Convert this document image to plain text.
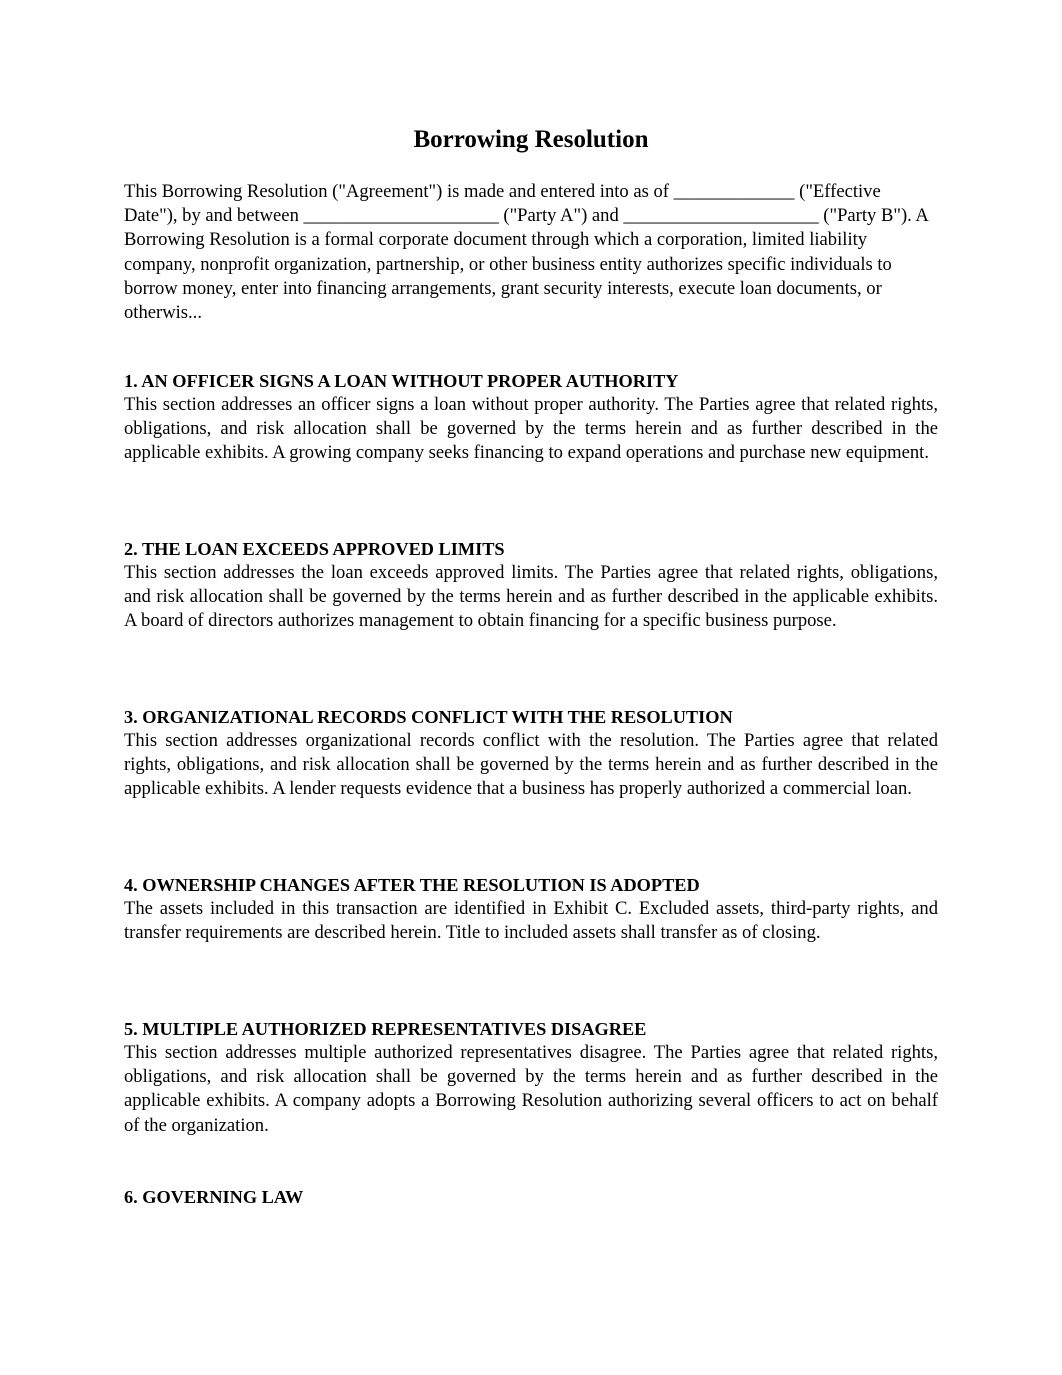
Borrowing Resolution

This Borrowing Resolution ("Agreement") is made and entered into as of _____________ ("Effective Date"), by and between _____________________ ("Party A") and _____________________ ("Party B"). A Borrowing Resolution is a formal corporate document through which a corporation, limited liability company, nonprofit organization, partnership, or other business entity authorizes specific individuals to borrow money, enter into financing arrangements, grant security interests, execute loan documents, or otherwis...

1. AN OFFICER SIGNS A LOAN WITHOUT PROPER AUTHORITY

This section addresses an officer signs a loan without proper authority. The Parties agree that related rights, obligations, and risk allocation shall be governed by the terms herein and as further described in the applicable exhibits. A growing company seeks financing to expand operations and purchase new equipment.

2. THE LOAN EXCEEDS APPROVED LIMITS

This section addresses the loan exceeds approved limits. The Parties agree that related rights, obligations, and risk allocation shall be governed by the terms herein and as further described in the applicable exhibits. A board of directors authorizes management to obtain financing for a specific business purpose.

3. ORGANIZATIONAL RECORDS CONFLICT WITH THE RESOLUTION

This section addresses organizational records conflict with the resolution. The Parties agree that related rights, obligations, and risk allocation shall be governed by the terms herein and as further described in the applicable exhibits. A lender requests evidence that a business has properly authorized a commercial loan.

4. OWNERSHIP CHANGES AFTER THE RESOLUTION IS ADOPTED

The assets included in this transaction are identified in Exhibit C. Excluded assets, third-party rights, and transfer requirements are described herein. Title to included assets shall transfer as of closing.

5. MULTIPLE AUTHORIZED REPRESENTATIVES DISAGREE

This section addresses multiple authorized representatives disagree. The Parties agree that related rights, obligations, and risk allocation shall be governed by the terms herein and as further described in the applicable exhibits. A company adopts a Borrowing Resolution authorizing several officers to act on behalf of the organization.

6. GOVERNING LAW
